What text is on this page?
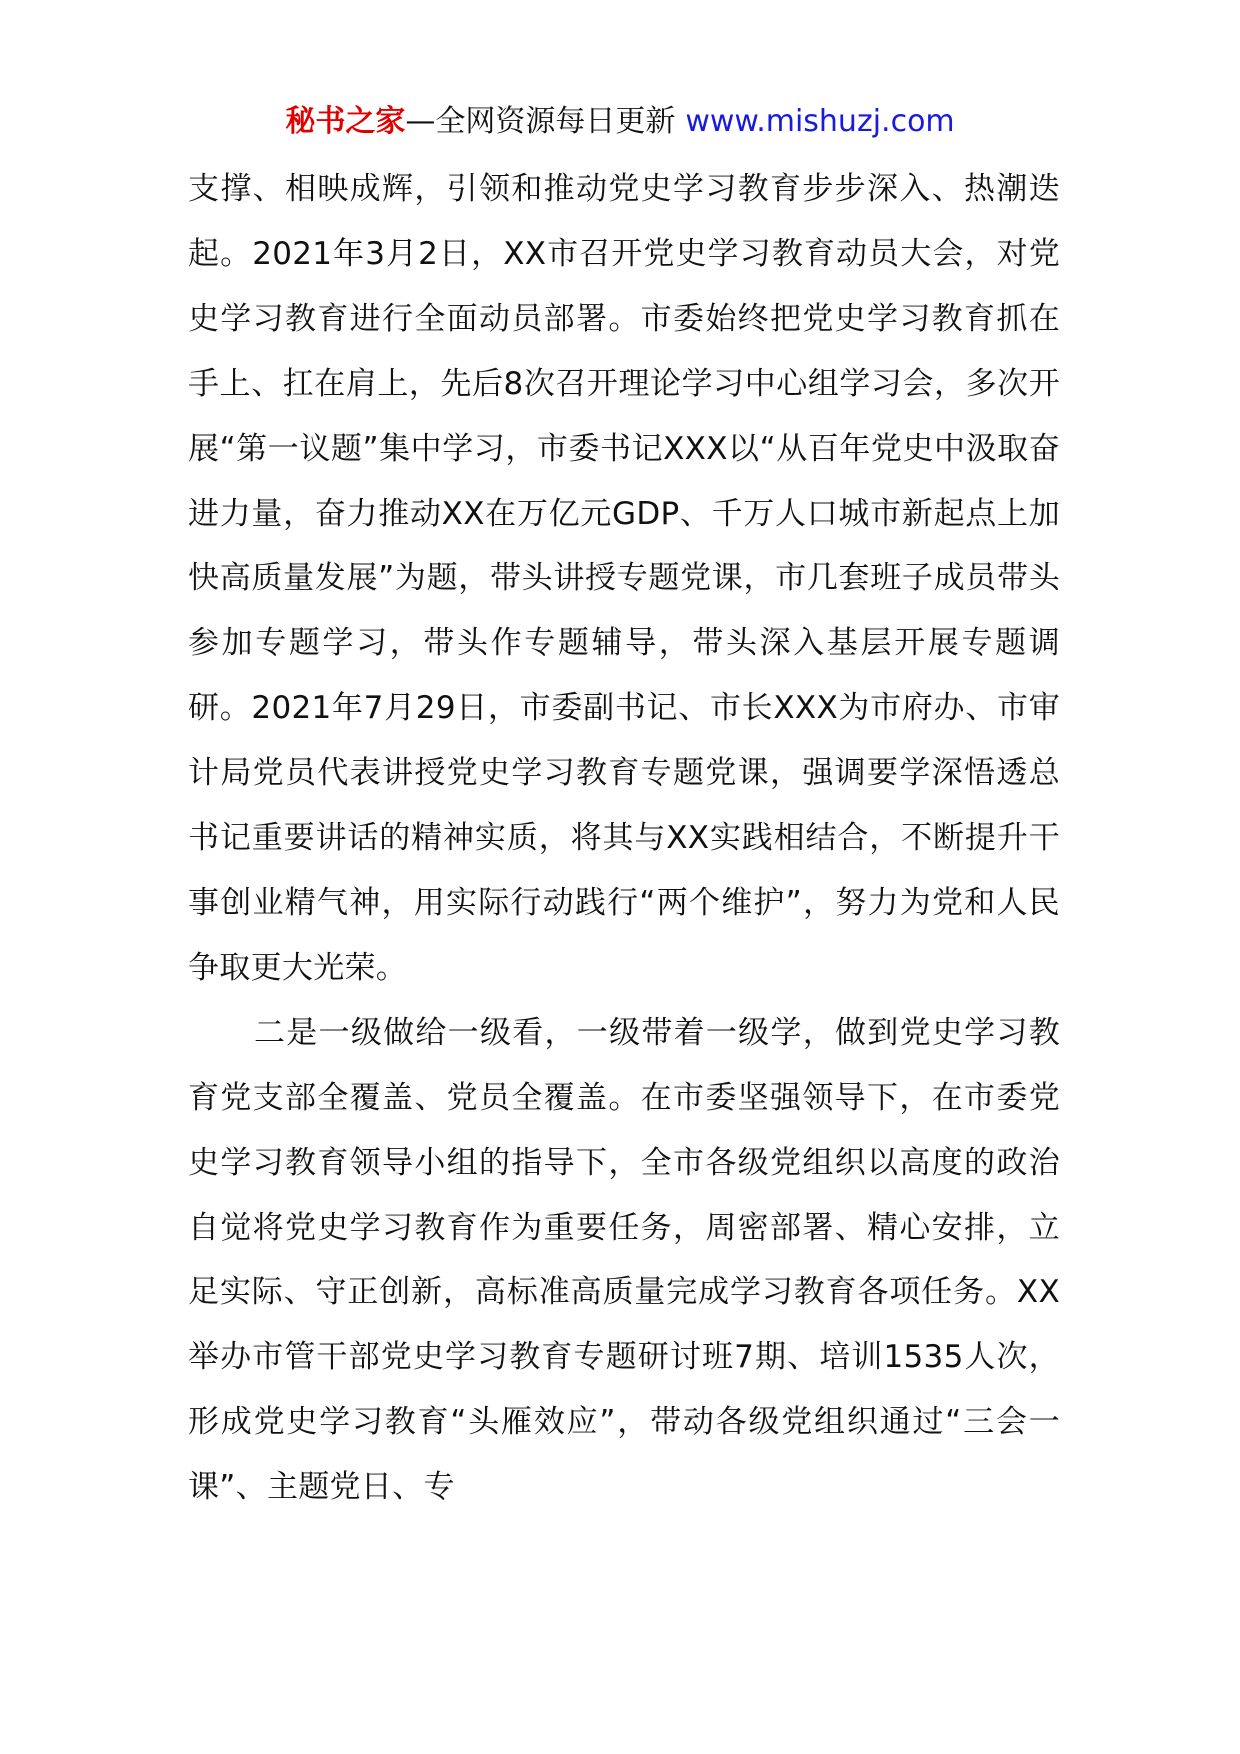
秘书之家—全网资源每日更新 www.mishuzj.com

支撑、相映成辉，引领和推动党史学习教育步步深入、热潮迭起。2021年3月2日，XX市召开党史学习教育动员大会，对党史学习教育进行全面动员部署。市委始终把党史学习教育抓在手上、扛在肩上，先后8次召开理论学习中心组学习会，多次开展“第一议题”集中学习，市委书记XXX以“从百年党史中汲取奋进力量，奋力推动XX在万亿元GDP、千万人口城市新起点上加快高质量发展”为题，带头讲授专题党课，市几套班子成员带头参加专题学习，带头作专题辅导，带头深入基层开展专题调研。2021年7月29日，市委副书记、市长XXX为市府办、市审计局党员代表讲授党史学习教育专题党课，强调要学深悟透总书记重要讲话的精神实质，将其与XX实践相结合，不断提升干事创业精气神，用实际行动践行“两个维护”，努力为党和人民争取更大光荣。

二是一级做给一级看，一级带着一级学，做到党史学习教育党支部全覆盖、党员全覆盖。在市委坚强领导下，在市委党史学习教育领导小组的指导下，全市各级党组织以高度的政治自觉将党史学习教育作为重要任务，周密部署、精心安排，立足实际、守正创新，高标准高质量完成学习教育各项任务。XX举办市管干部党史学习教育专题研讨班7期、培训1535人次，形成党史学习教育“头雁效应”，带动各级党组织通过“三会一课”、主题党日、专
